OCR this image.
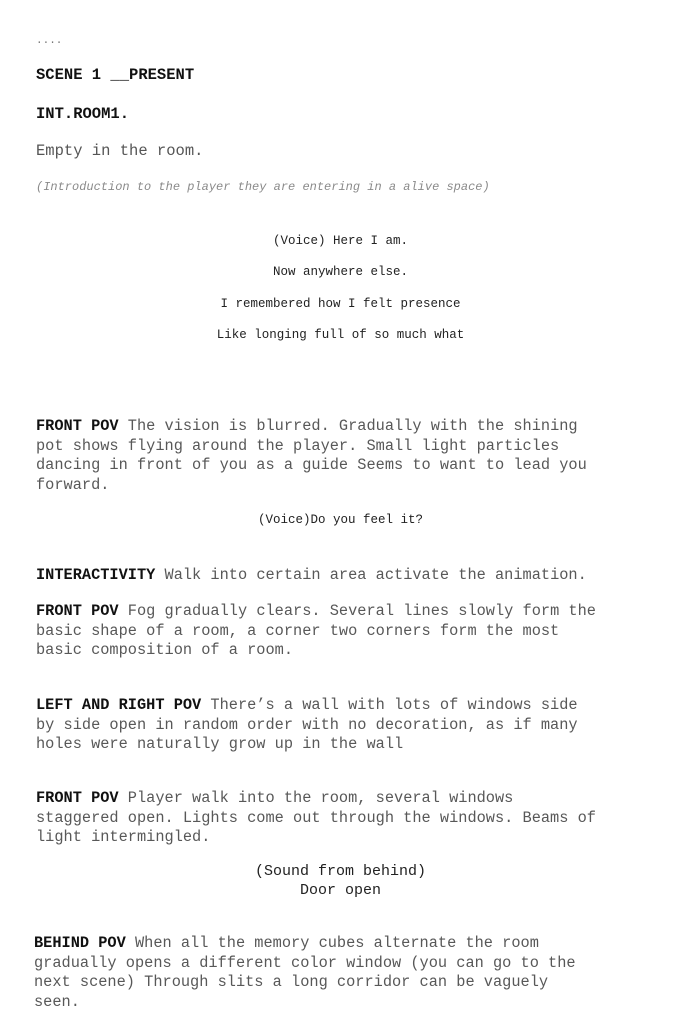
....
SCENE 1 __PRESENT
INT.ROOM1.
Empty in the room.
(Introduction to the player they are entering in a alive space)
(Voice) Here I am.
Now anywhere else.
I remembered how I felt presence
Like longing full of so much what
FRONT POV The vision is blurred. Gradually with the shining
pot shows flying around the player. Small light particles
dancing in front of you as a guide Seems to want to lead you
forward.
(Voice)Do you feel it?
INTERACTIVITY Walk into certain area activate the animation.
FRONT POV Fog gradually clears. Several lines slowly form the
basic shape of a room, a corner two corners form the most
basic composition of a room.
LEFT AND RIGHT POV There’s a wall with lots of windows side
by side open in random order with no decoration, as if many
holes were naturally grow up in the wall
FRONT POV Player walk into the room, several windows
staggered open. Lights come out through the windows. Beams of
light intermingled.
(Sound from behind)
Door open
BEHIND POV When all the memory cubes alternate the room
gradually opens a different color window (you can go to the
next scene) Through slits a long corridor can be vaguely
seen.
